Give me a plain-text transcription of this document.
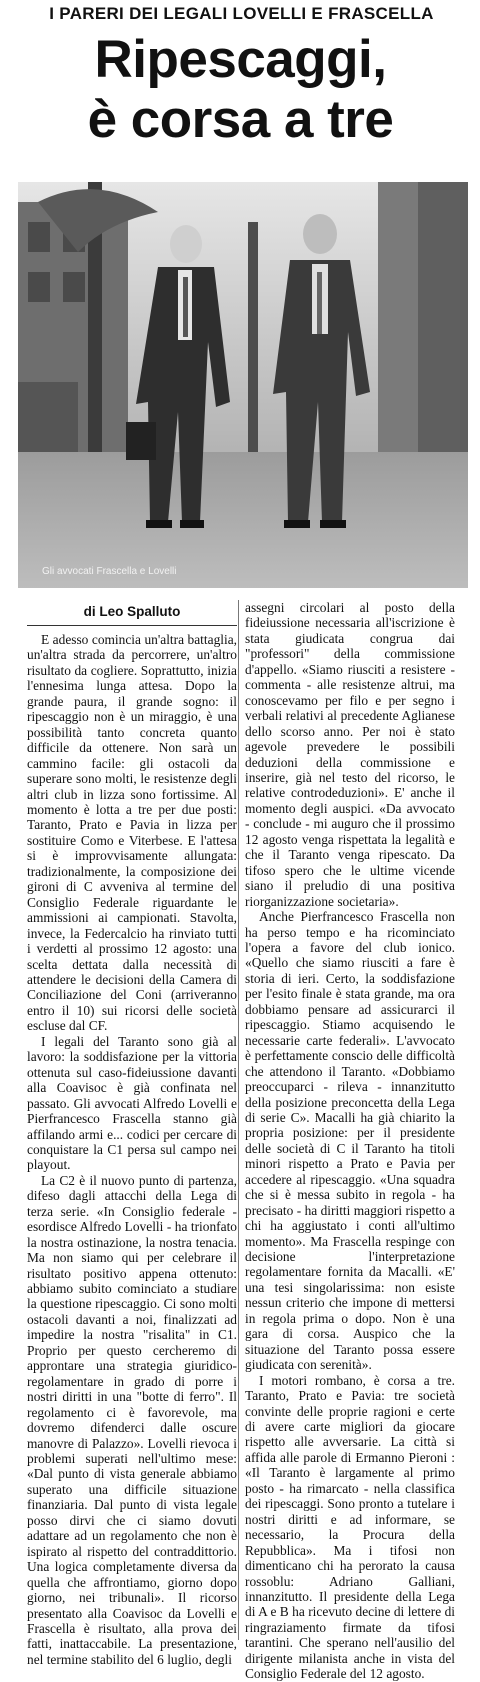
I PARERI DEI LEGALI LOVELLI E FRASCELLA
Ripescaggi,
è corsa a tre
Gli avvocati Frascella e Lovelli
di Leo Spalluto

E adesso comincia un'altra battaglia, un'altra strada da percorrere, un'altro risultato da cogliere. Soprattutto, inizia l'ennesima lunga attesa. Dopo la grande paura, il grande sogno: il ripescaggio non è un miraggio, è una possibilità tanto concreta quanto difficile da ottenere. Non sarà un cammino facile: gli ostacoli da superare sono molti, le resistenze degli altri club in lizza sono fortissime. Al momento è lotta a tre per due posti: Taranto, Prato e Pavia in lizza per sostituire Como e Viterbese. E l'attesa si è improvvisamente allungata: tradizionalmente, la composizione dei gironi di C avveniva al termine del Consiglio Federale riguardante le ammissioni ai campionati. Stavolta, invece, la Federcalcio ha rinviato tutti i verdetti al prossimo 12 agosto: una scelta dettata dalla necessità di attendere le decisioni della Camera di Conciliazione del Coni (arriveranno entro il 10) sui ricorsi delle società escluse dal CF.

I legali del Taranto sono già al lavoro: la soddisfazione per la vittoria ottenuta sul caso-fideiussione davanti alla Coavisoc è già confinata nel passato. Gli avvocati Alfredo Lovelli e Pierfrancesco Frascella stanno già affilando armi e... codici per cercare di conquistare la C1 persa sul campo nei playout.

La C2 è il nuovo punto di partenza, difeso dagli attacchi della Lega di terza serie. «In Consiglio federale - esordisce Alfredo Lovelli - ha trionfato la nostra ostinazione, la nostra tenacia. Ma non siamo qui per celebrare il risultato positivo appena ottenuto: abbiamo subito cominciato a studiare la questione ripescaggio. Ci sono molti ostacoli davanti a noi, finalizzati ad impedire la nostra "risalita" in C1. Proprio per questo cercheremo di approntare una strategia giuridico-regolamentare in grado di porre i nostri diritti in una "botte di ferro". Il regolamento ci è favorevole, ma dovremo difenderci dalle oscure manovre di Palazzo». Lovelli rievoca i problemi superati nell'ultimo mese: «Dal punto di vista generale abbiamo superato una difficile situazione finanziaria. Dal punto di vista legale posso dirvi che ci siamo dovuti adattare ad un regolamento che non è ispirato al rispetto del contraddittorio. Una logica completamente diversa da quella che affrontiamo, giorno dopo giorno, nei tribunali». Il ricorso presentato alla Coavisoc da Lovelli e Frascella è risultato, alla prova dei fatti, inattaccabile. La presentazione, nel termine stabilito del 6 luglio, degli

assegni circolari al posto della fideiussione necessaria all'iscrizione è stata giudicata congrua dai "professori" della commissione d'appello. «Siamo riusciti a resistere - commenta - alle resistenze altrui, ma conoscevamo per filo e per segno i verbali relativi al precedente Aglianese dello scorso anno. Per noi è stato agevole prevedere le possibili deduzioni della commissione e inserire, già nel testo del ricorso, le relative controdeduzioni». E' anche il momento degli auspici. «Da avvocato - conclude - mi auguro che il prossimo 12 agosto venga rispettata la legalità e che il Taranto venga ripescato. Da tifoso spero che le ultime vicende siano il preludio di una positiva riorganizzazione societaria».

Anche Pierfrancesco Frascella non ha perso tempo e ha ricominciato l'opera a favore del club ionico. «Quello che siamo riusciti a fare è storia di ieri. Certo, la soddisfazione per l'esito finale è stata grande, ma ora dobbiamo pensare ad assicurarci il ripescaggio. Stiamo acquisendo le necessarie carte federali». L'avvocato è perfettamente conscio delle difficoltà che attendono il Taranto. «Dobbiamo preoccuparci - rileva - innanzitutto della posizione preconcetta della Lega di serie C». Macalli ha già chiarito la propria posizione: per il presidente delle società di C il Taranto ha titoli minori rispetto a Prato e Pavia per accedere al ripescaggio. «Una squadra che si è messa subito in regola - ha precisato - ha diritti maggiori rispetto a chi ha aggiustato i conti all'ultimo momento». Ma Frascella respinge con decisione l'interpretazione regolamentare fornita da Macalli. «E' una tesi singolarissima: non esiste nessun criterio che impone di mettersi in regola prima o dopo. Non è una gara di corsa. Auspico che la situazione del Taranto possa essere giudicata con serenità».

I motori rombano, è corsa a tre. Taranto, Prato e Pavia: tre società convinte delle proprie ragioni e certe di avere carte migliori da giocare rispetto alle avversarie. La città si affida alle parole di Ermanno Pieroni : «Il Taranto è largamente al primo posto - ha rimarcato - nella classifica dei ripescaggi. Sono pronto a tutelare i nostri diritti e ad informare, se necessario, la Procura della Repubblica». Ma i tifosi non dimenticano chi ha perorato la causa rossoblu: Adriano Galliani, innanzitutto. Il presidente della Lega di A e B ha ricevuto decine di lettere di ringraziamento firmate da tifosi tarantini. Che sperano nell'ausilio del dirigente milanista anche in vista del Consiglio Federale del 12 agosto.
